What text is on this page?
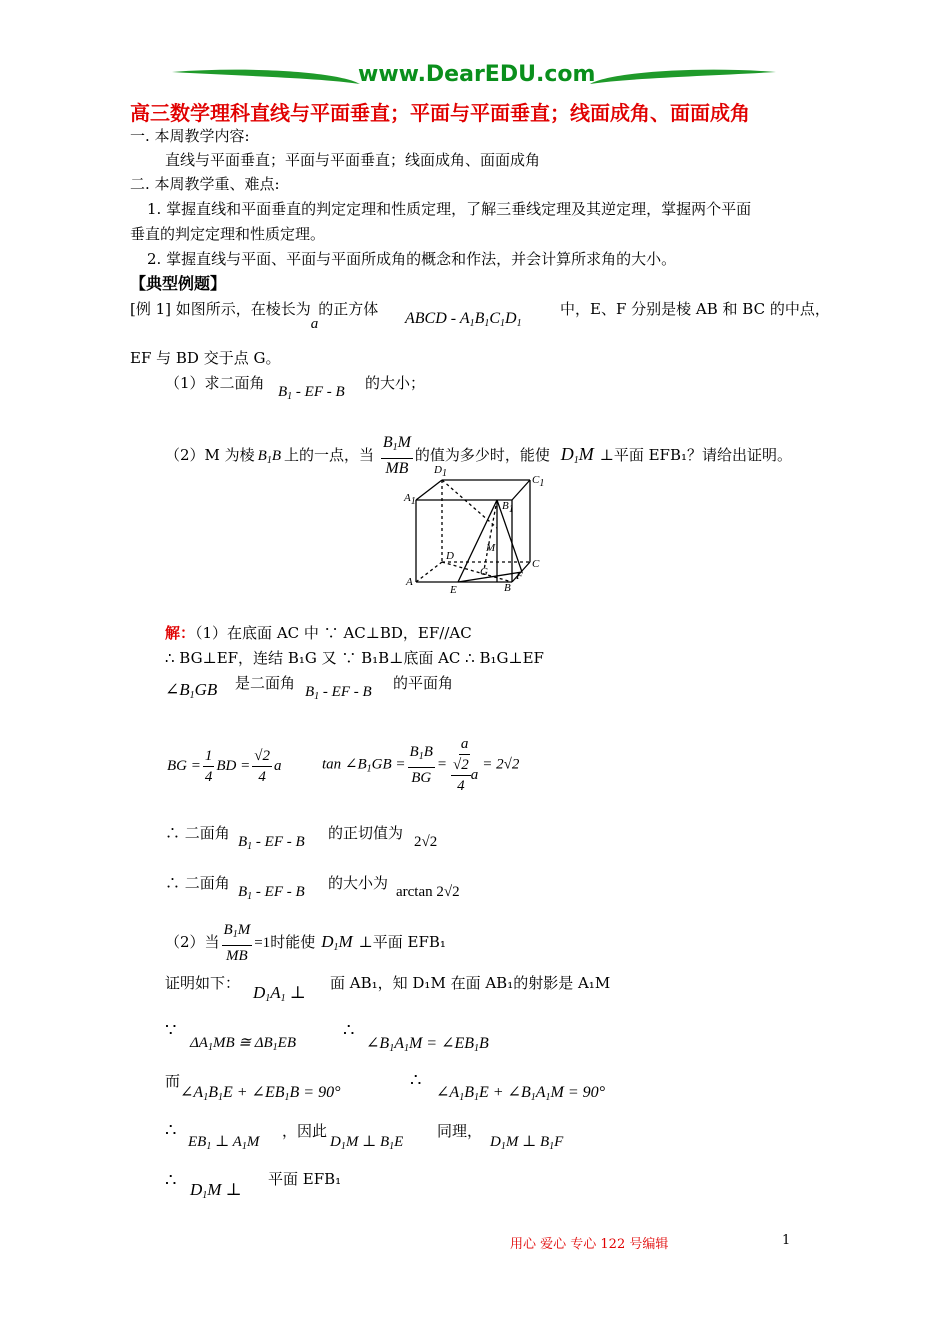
www.DearEDU.com
高三数学理科直线与平面垂直；平面与平面垂直；线面成角、面面成角
一. 本周教学内容:
直线与平面垂直；平面与平面垂直；线面成角、面面成角
二. 本周教学重、难点:
1. 掌握直线和平面垂直的判定定理和性质定理，了解三垂线定理及其逆定理，掌握两个平面
垂直的判定定理和性质定理。
2. 掌握直线与平面、平面与平面所成角的概念和作法，并会计算所求角的大小。
【典型例题】
[例 1] 如图所示，在棱长为a的正方体
ABCD - $A_1B_1C_1D_1$
中，E、F 分别是棱 AB 和 BC 的中点，
EF 与 BD 交于点 G。
（1）求二面角 $B_1$ - EF - B 的大小；
（2）M 为棱 $B_1B$ 上的一点，当 $\frac{B_1M}{MB}$ 的值为多少时，能使 $D_1M$ ⊥平面 EFB₁？请给出证明。
$D_1$
$C_1$
$A_1$	$B_1$
M
D
C
A
G	F
E	B
解：（1）在底面 AC 中 ∵ AC⊥BD，EF//AC
∴ BG⊥EF，连结 B₁G 又 ∵ B₁B⊥底面 AC ∴ B₁G⊥EF
$\angle B_1GB$ 是二面角 $B_1$ - EF - B 的平面角
BG = $\frac{1}{4}$ BD = $\frac{√2}{4}$ a	$\tan \angle B_1GB = \frac{B_1B}{BG} = \frac{a}{\frac{√2}{4} a} = 2√2$
∴ 二面角 $B_1$ - EF - B 的正切值为 2√2
∴ 二面角 $B_1$ - EF - B 的大小为 arctan 2√2
（2）当 $\frac{B_1M}{MB} =1$时能使 $D_1M$ ⊥平面 EFB₁
证明如下： $D_1A_1$ ⊥ 面 AB₁，知 D₁M 在面 AB₁的射影是 A₁M
∵
$\Delta A_1MB$ ≅ $\Delta B_1EB$
∴
$\angle B_1A_1M$ = $\angle EB_1B$
而
$\angle A_1B_1E$ + $\angle EB_1B = 90^\circ$
∴
$\angle A_1B_1E$ + $\angle B_1A_1M = 90^\circ$
∴
$EB_1$ ⊥ $A_1M$
，因此
$D_1M$ ⊥ $B_1E$
同理，
$D_1M$ ⊥ $B_1F$
∴ $D_1M$ ⊥
平面 EFB₁
用心 爱心 专心 122 号编辑	1
